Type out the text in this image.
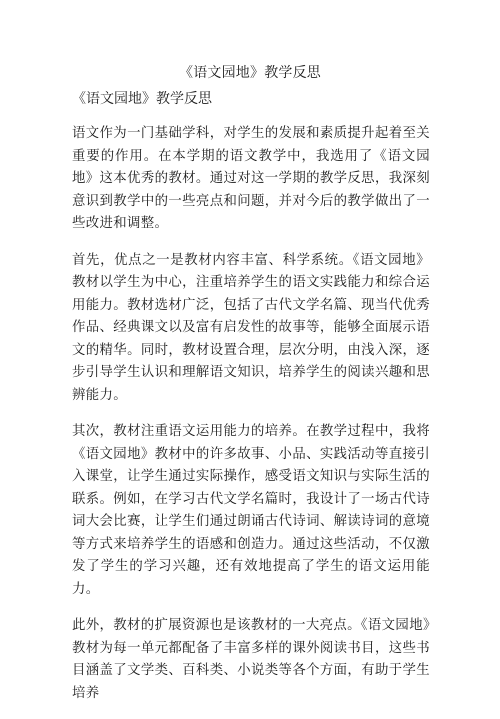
《语文园地》教学反思
《语文园地》教学反思

语文作为一门基础学科，对学生的发展和素质提升起着至关重要的作用。在本学期的语文教学中，我选用了《语文园地》这本优秀的教材。通过对这一学期的教学反思，我深刻意识到教学中的一些亮点和问题，并对今后的教学做出了一些改进和调整。

首先，优点之一是教材内容丰富、科学系统。《语文园地》教材以学生为中心，注重培养学生的语文实践能力和综合运用能力。教材选材广泛，包括了古代文学名篇、现当代优秀作品、经典课文以及富有启发性的故事等，能够全面展示语文的精华。同时，教材设置合理，层次分明，由浅入深，逐步引导学生认识和理解语文知识，培养学生的阅读兴趣和思辨能力。

其次，教材注重语文运用能力的培养。在教学过程中，我将《语文园地》教材中的许多故事、小品、实践活动等直接引入课堂，让学生通过实际操作，感受语文知识与实际生活的联系。例如，在学习古代文学名篇时，我设计了一场古代诗词大会比赛，让学生们通过朗诵古代诗词、解读诗词的意境等方式来培养学生的语感和创造力。通过这些活动，不仅激发了学生的学习兴趣，还有效地提高了学生的语文运用能力。

此外，教材的扩展资源也是该教材的一大亮点。《语文园地》教材为每一单元都配备了丰富多样的课外阅读书目，这些书目涵盖了文学类、百科类、小说类等各个方面，有助于学生培养
